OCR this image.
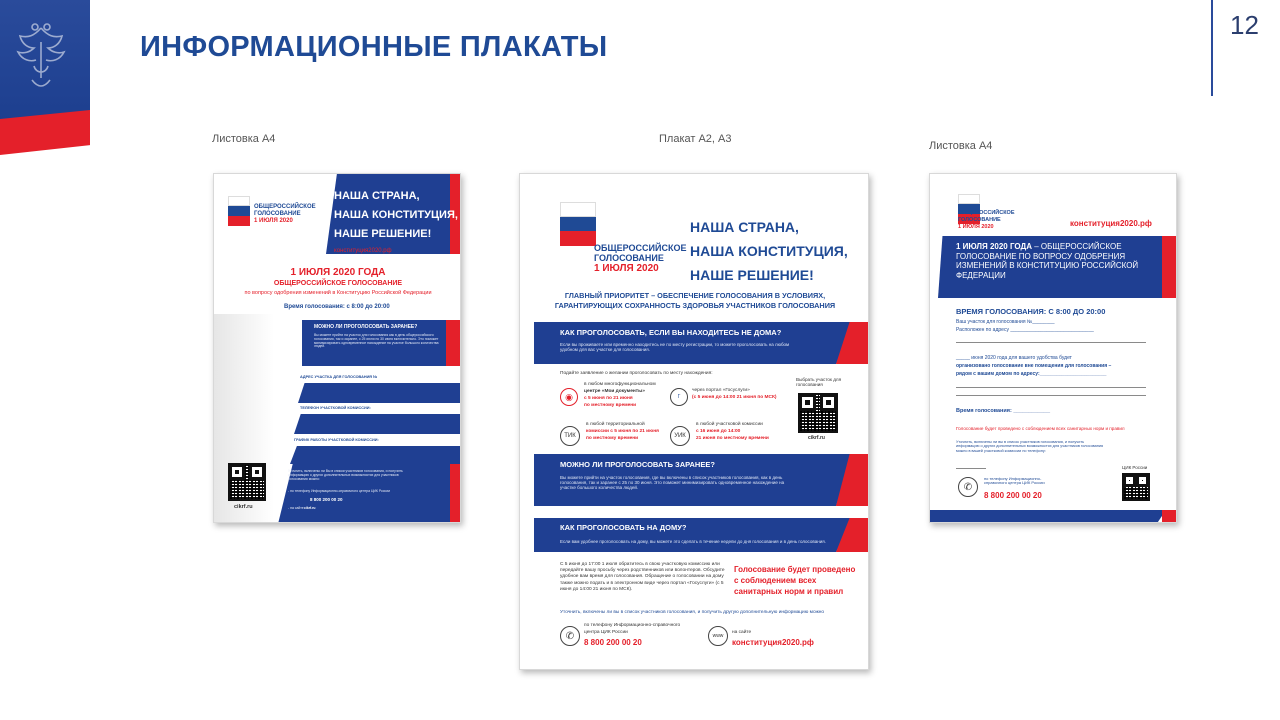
ИНФОРМАЦИОННЫЕ ПЛАКАТЫ
12
Листовка А4	Плакат А2, А3
Листовка А4
НАША СТРАНА,
НАША КОНСТИТУЦИЯ,
НАШЕ РЕШЕНИЕ!
конституция2020.рф
ОБЩЕРОССИЙСКОЕ
ГОЛОСОВАНИЕ
1 ИЮЛЯ 2020
1 ИЮЛЯ 2020 ГОДА
ОБЩЕРОССИЙСКОЕ ГОЛОСОВАНИЕ
по вопросу одобрения изменений в Конституцию Российской Федерации
Время голосования: с 8:00 до 20:00
МОЖНО ЛИ ПРОГОЛОСОВАТЬ ЗАРАНЕЕ?
Вы можете прийти на участок для голосования как в день общероссийского голосования, так и заранее, с 25 июня по 30 июня включительно. Это поможет минимизировать одновременное нахождение на участке большого количества людей.
АДРЕС УЧАСТКА ДЛЯ ГОЛОСОВАНИЯ №
ТЕЛЕФОН УЧАСТКОВОЙ КОМИССИИ:
ГРАФИК РАБОТЫ УЧАСТКОВОЙ КОМИССИИ:
Уточнить, включены ли Вы в списки участников голосования, и получить информацию о других дополнительных возможностях для участников голосования можно:
- по телефону Информационно-справочного центра ЦИК России
8 800 200 00 20
- на сайте cikrf.ru
cikrf.ru
ОБЩЕРОССИЙСКОЕ
ГОЛОСОВАНИЕ
1 ИЮЛЯ 2020
НАША СТРАНА,
НАША КОНСТИТУЦИЯ,
НАШЕ РЕШЕНИЕ!
ГЛАВНЫЙ ПРИОРИТЕТ – ОБЕСПЕЧЕНИЕ ГОЛОСОВАНИЯ В УСЛОВИЯХ,
ГАРАНТИРУЮЩИХ СОХРАННОСТЬ ЗДОРОВЬЯ УЧАСТНИКОВ ГОЛОСОВАНИЯ
КАК ПРОГОЛОСОВАТЬ, ЕСЛИ ВЫ НАХОДИТЕСЬ НЕ ДОМА?
Если вы проживаете или временно находитесь не по месту регистрации, то можете проголосовать на любом удобном для вас участке для голосования.
Подайте заявление о желании проголосовать по месту нахождения:
◉
в любом многофункциональном
центре «Мои документы»
с 5 июня по 21 июня
по местному времени
Г
через портал «Госуслуги»
(с 5 июня до 14:00 21 июня по МСК)
ТИК
в любой территориальной
комиссии с 5 июня по 21 июня
по местному времени	УИК
в любой участковой комиссии
с 16 июня до 14:00
21 июня по местному времени
Выбрать участок для голосования
cikrf.ru
МОЖНО ЛИ ПРОГОЛОСОВАТЬ ЗАРАНЕЕ?
Вы можете прийти на участок голосования, где вы включены в список участников голосования, как в день голосования, так и заранее с 25 по 30 июня. Это поможет минимизировать одновременное нахождение на участке большого количества людей.
КАК ПРОГОЛОСОВАТЬ НА ДОМУ?
Если вам удобнее проголосовать на дому, вы можете это сделать в течение недели до дня голосования и в день голосования.
С 5 июня до 17:00 1 июля обратитесь в свою участковую комиссию или передайте вашу просьбу через родственников или волонтеров. Обсудите удобное вам время для голосования. Обращение о голосовании на дому также можно подать и в электронном виде через портал «Госуслуги» (с 5 июня до 14:00 21 июня по МСК).
Голосование будет проведено
с соблюдением всех
санитарных норм и правил
Уточнить, включены ли вы в список участников голосования, и получить другую дополнительную информацию можно
✆
по телефону Информационно-справочного
центра ЦИК России
8 800 200 00 20
www
на сайте
конституция2020.рф
ОБЩЕРОССИЙСКОЕ
ГОЛОСОВАНИЕ
1 ИЮЛЯ 2020	конституция2020.рф
1 ИЮЛЯ 2020 ГОДА – ОБЩЕРОССИЙСКОЕ ГОЛОСОВАНИЕ ПО ВОПРОСУ ОДОБРЕНИЯ ИЗМЕНЕНИЙ В КОНСТИТУЦИЮ РОССИЙСКОЙ ФЕДЕРАЦИИ
ВРЕМЯ ГОЛОСОВАНИЯ: С 8:00 ДО 20:00
Ваш участок для голосования №________
Расположен по адресу ______________________________
_____ июня 2020 года для вашего удобства будет
организовано голосование вне помещения для голосования –
рядом с вашим домом по адресу:________________________
Время голосования: ____________
Голосование будет проведено с соблюдением всех санитарных норм и правил
Уточнить, включены ли вы в список участников голосования, и получить информацию о других дополнительных возможностях для участников голосования можно в вашей участковой комиссии по телефону:
✆
по телефону Информационно-справочного центра ЦИК России
8 800 200 00 20
ЦИК России
